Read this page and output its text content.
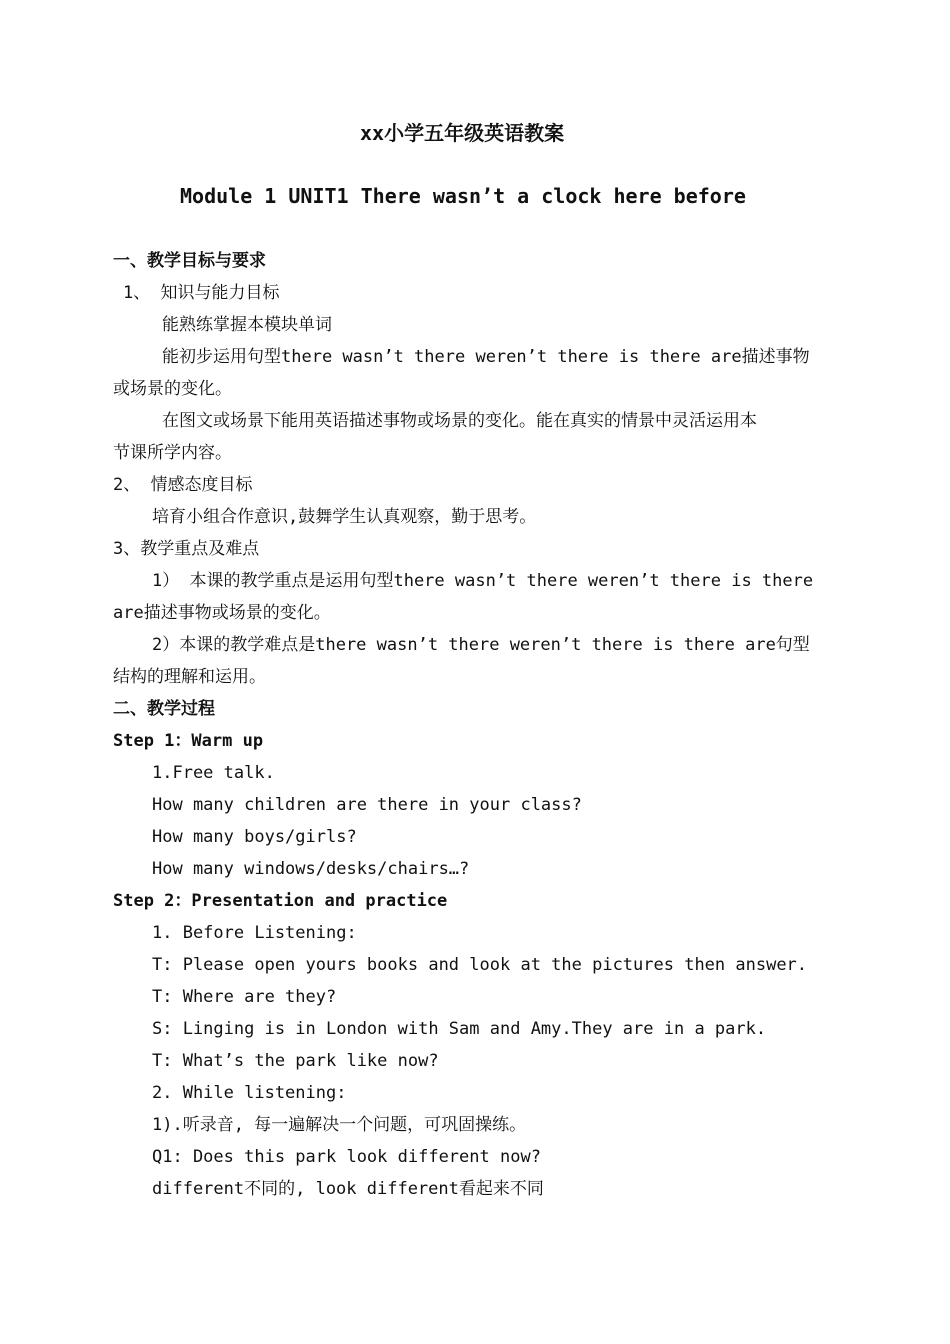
xx小学五年级英语教案
Module 1 UNIT1 There wasn’t a clock here before
一、教学目标与要求
1、 知识与能力目标
能熟练掌握本模块单词
能初步运用句型there wasn’t there weren’t there is there are描述事物
或场景的变化。
在图文或场景下能用英语描述事物或场景的变化。能在真实的情景中灵活运用本
节课所学内容。
2、 情感态度目标
培育小组合作意识,鼓舞学生认真观察，勤于思考。
3、教学重点及难点
1） 本课的教学重点是运用句型there wasn’t there weren’t there is there
are描述事物或场景的变化。
2）本课的教学难点是there wasn’t there weren’t there is there are句型
结构的理解和运用。
二、教学过程
Step 1：Warm up
1.Free talk.
How many children are there in your class?
How many boys/girls?
How many windows/desks/chairs…?
Step 2：Presentation and practice
1. Before Listening:
T: Please open yours books and look at the pictures then answer.
T: Where are they?
S: Linging is in London with Sam and Amy.They are in a park.
T: What’s the park like now?
2. While listening:
1).听录音, 每一遍解决一个问题，可巩固操练。
Q1: Does this park look different now?
different不同的, look different看起来不同
